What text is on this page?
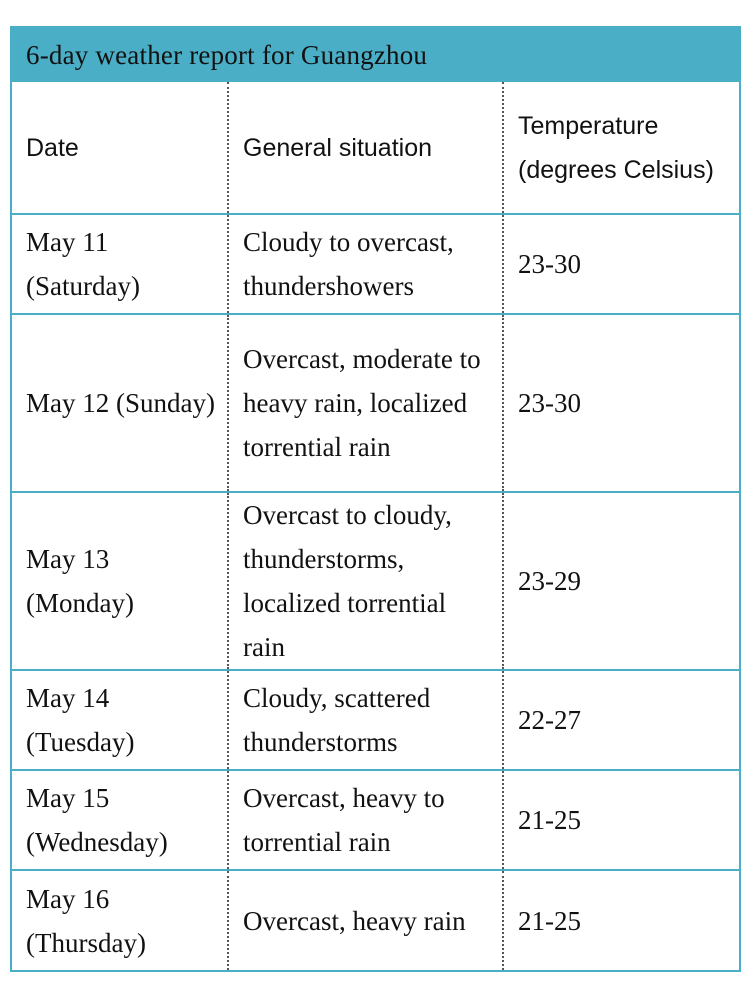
6-day weather report for Guangzhou
Date	General situation	Temperature (degrees Celsius)
May 11 (Saturday)	Cloudy to overcast, thundershowers	23-30
May 12 (Sunday)	Overcast, moderate to heavy rain, localized torrential rain	23-30
May 13 (Monday)	Overcast to cloudy, thunderstorms, localized torrential rain	23-29
May 14 (Tuesday)	Cloudy, scattered thunderstorms	22-27
May 15 (Wednesday)	Overcast, heavy to torrential rain	21-25
May 16 (Thursday)	Overcast, heavy rain	21-25
